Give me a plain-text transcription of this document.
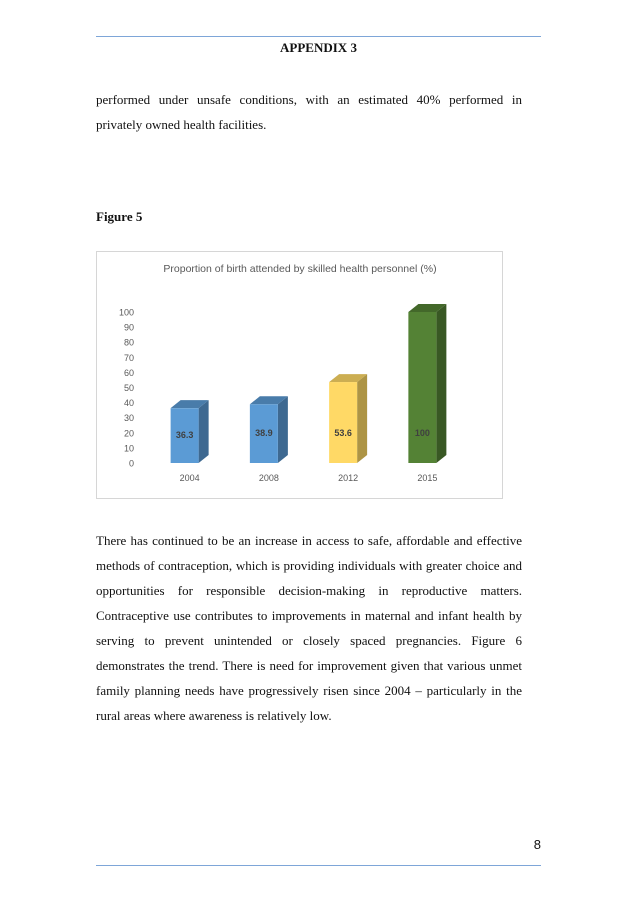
APPENDIX 3

performed under unsafe conditions, with an estimated 40% performed in privately owned health facilities.

Figure 5
Proportion of birth attended by skilled health personnel (%)
0
10
20
30
40
50
60
70
80
90
100
36.3	38.9	53.6	100
2004	2008	2012	2015

There has continued to be an increase in access to safe, affordable and effective methods of contraception, which is providing individuals with greater choice and opportunities for responsible decision-making in reproductive matters. Contraceptive use contributes to improvements in maternal and infant health by serving to prevent unintended or closely spaced pregnancies. Figure 6 demonstrates the trend. There is need for improvement given that various unmet family planning needs have progressively risen since 2004 – particularly in the rural areas where awareness is relatively low.

8
